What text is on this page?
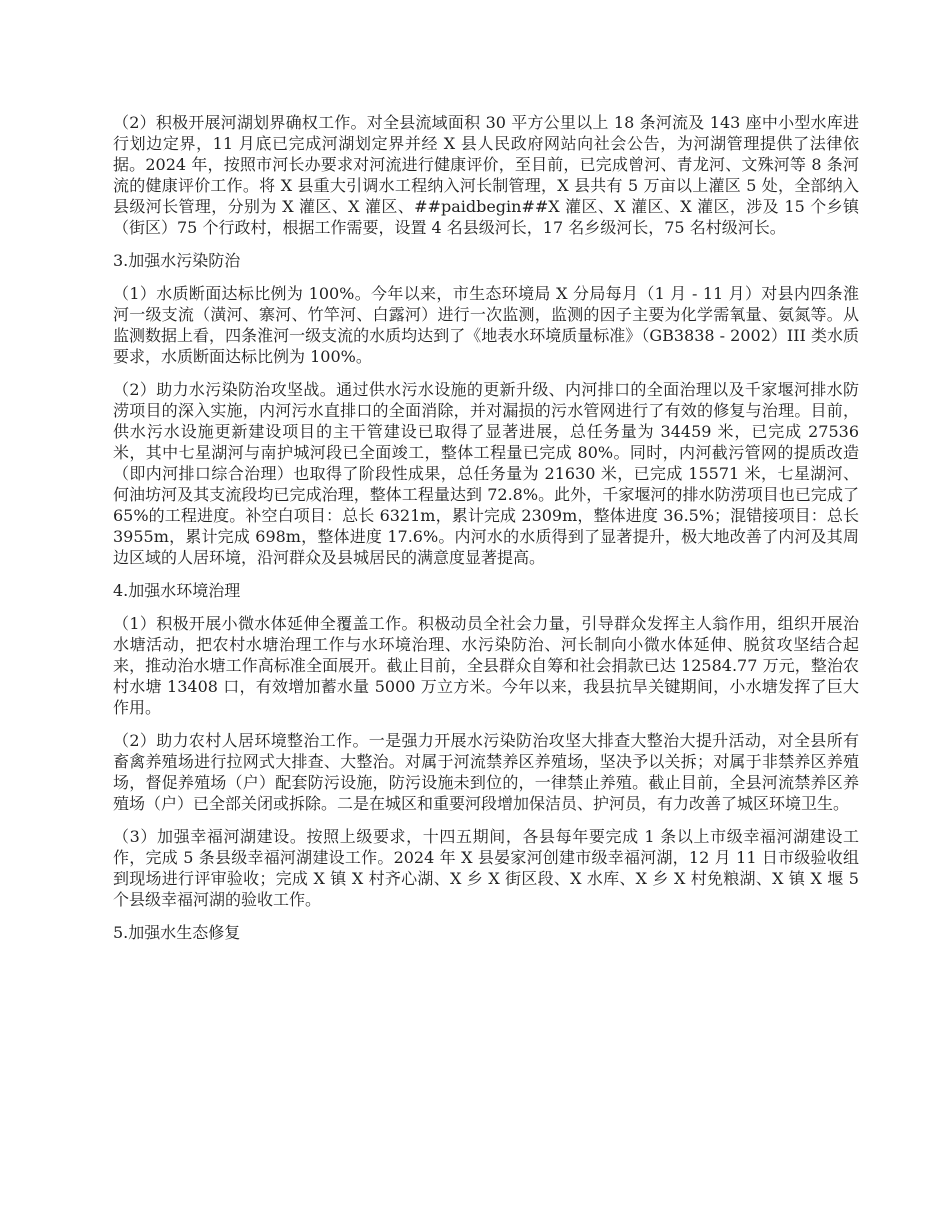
（2）积极开展河湖划界确权工作。对全县流域面积 30 平方公里以上 18 条河流及 143 座中小型水库进行划边定界，11 月底已完成河湖划定界并经 X 县人民政府网站向社会公告，为河湖管理提供了法律依据。2024 年，按照市河长办要求对河流进行健康评价，至目前，已完成曾河、青龙河、文殊河等 8 条河流的健康评价工作。将 X 县重大引调水工程纳入河长制管理，X 县共有 5 万亩以上灌区 5 处，全部纳入县级河长管理，分别为 X 灌区、X 灌区、##paidbegin##X 灌区、X 灌区、X 灌区，涉及 15 个乡镇（街区）75 个行政村，根据工作需要，设置 4 名县级河长，17 名乡级河长，75 名村级河长。

3.加强水污染防治

（1）水质断面达标比例为 100%。今年以来，市生态环境局 X 分局每月（1 月 - 11 月）对县内四条淮河一级支流（潢河、寨河、竹竿河、白露河）进行一次监测，监测的因子主要为化学需氧量、氨氮等。从监测数据上看，四条淮河一级支流的水质均达到了《地表水环境质量标准》（GB3838 - 2002）III 类水质要求，水质断面达标比例为 100%。

（2）助力水污染防治攻坚战。通过供水污水设施的更新升级、内河排口的全面治理以及千家堰河排水防涝项目的深入实施，内河污水直排口的全面消除，并对漏损的污水管网进行了有效的修复与治理。目前，供水污水设施更新建设项目的主干管建设已取得了显著进展，总任务量为 34459 米，已完成 27536 米，其中七星湖河与南护城河段已全面竣工，整体工程量已完成 80%。同时，内河截污管网的提质改造（即内河排口综合治理）也取得了阶段性成果，总任务量为 21630 米，已完成 15571 米，七星湖河、何油坊河及其支流段均已完成治理，整体工程量达到 72.8%。此外，千家堰河的排水防涝项目也已完成了 65%的工程进度。补空白项目：总长 6321m，累计完成 2309m，整体进度 36.5%；混错接项目：总长 3955m，累计完成 698m，整体进度 17.6%。内河水的水质得到了显著提升，极大地改善了内河及其周边区域的人居环境，沿河群众及县城居民的满意度显著提高。

4.加强水环境治理

（1）积极开展小微水体延伸全覆盖工作。积极动员全社会力量，引导群众发挥主人翁作用，组织开展治水塘活动，把农村水塘治理工作与水环境治理、水污染防治、河长制向小微水体延伸、脱贫攻坚结合起来，推动治水塘工作高标准全面展开。截止目前，全县群众自筹和社会捐款已达 12584.77 万元，整治农村水塘 13408 口，有效增加蓄水量 5000 万立方米。今年以来，我县抗旱关键期间，小水塘发挥了巨大作用。

（2）助力农村人居环境整治工作。一是强力开展水污染防治攻坚大排查大整治大提升活动，对全县所有畜禽养殖场进行拉网式大排查、大整治。对属于河流禁养区养殖场，坚决予以关拆；对属于非禁养区养殖场，督促养殖场（户）配套防污设施，防污设施未到位的，一律禁止养殖。截止目前，全县河流禁养区养殖场（户）已全部关闭或拆除。二是在城区和重要河段增加保洁员、护河员，有力改善了城区环境卫生。

（3）加强幸福河湖建设。按照上级要求，十四五期间，各县每年要完成 1 条以上市级幸福河湖建设工作，完成 5 条县级幸福河湖建设工作。2024 年 X 县晏家河创建市级幸福河湖，12 月 11 日市级验收组到现场进行评审验收；完成 X 镇 X 村齐心湖、X 乡 X 街区段、X 水库、X 乡 X 村免粮湖、X 镇 X 堰 5 个县级幸福河湖的验收工作。

5.加强水生态修复
